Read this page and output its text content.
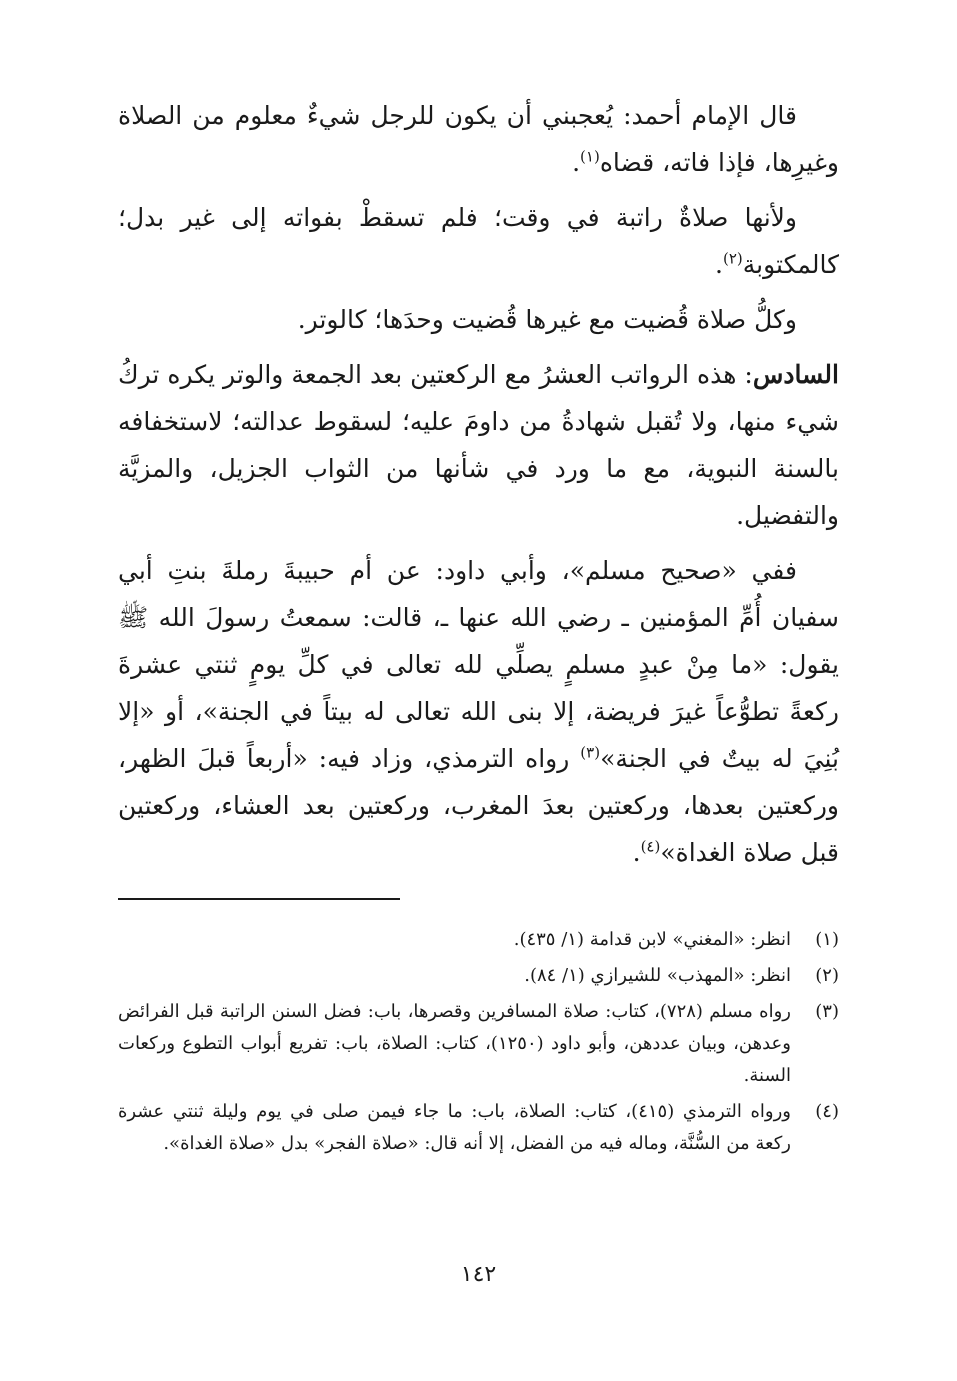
قال الإمام أحمد: يُعجبني أن يكون للرجل شيءٌ معلوم من الصلاة وغيرِها، فإذا فاته، قضاه$^{(١)}$.

ولأنها صلاةٌ راتبة في وقت؛ فلم تسقطْ بفواته إلى غير بدل؛ كالمكتوبة$^{(٢)}$.

وكلُّ صلاة قُضيت مع غيرها قُضيت وحدَها؛ كالوتر.

السادس: هذه الرواتب العشرُ مع الركعتين بعد الجمعة والوتر يكره تركُ شيء منها، ولا تُقبل شهادةُ من داومَ عليه؛ لسقوط عدالته؛ لاستخفافه بالسنة النبوية، مع ما ورد في شأنها من الثواب الجزيل، والمزيَّة والتفضيل.

ففي «صحيح مسلم»، وأبي داود: عن أم حبيبةَ رملةَ بنتِ أبي سفيان أُمِّ المؤمنين ـ رضي الله عنها ـ، قالت: سمعتُ رسولَ الله ﷺ يقول: «ما مِنْ عبدٍ مسلمٍ يصلِّي لله تعالى في كلِّ يومٍ ثنتي عشرةَ ركعةً تطوُّعاً غيرَ فريضة، إلا بنى الله تعالى له بيتاً في الجنة»، أو «إلا بُنِيَ له بيتٌ في الجنة»$^{(٣)}$ رواه الترمذي، وزاد فيه: «أربعاً قبلَ الظهر، وركعتين بعدها، وركعتين بعدَ المغرب، وركعتين بعد العشاء، وركعتين قبل صلاة الغداة»$^{(٤)}$.

(١)
انظر: «المغني» لابن قدامة (١/ ٤٣٥).
(٢)
انظر: «المهذب» للشيرازي (١/ ٨٤).
(٣)
رواه مسلم (٧٢٨)، كتاب: صلاة المسافرين وقصرها، باب: فضل السنن الراتبة قبل الفرائض وعدهن، وبيان عددهن، وأبو داود (١٢٥٠)، كتاب: الصلاة، باب: تفريع أبواب التطوع وركعات السنة.
(٤)
ورواه الترمذي (٤١٥)، كتاب: الصلاة، باب: ما جاء فيمن صلى في يوم وليلة ثنتي عشرة ركعة من السُّنَّة، وماله فيه من الفضل، إلا أنه قال: «صلاة الفجر» بدل «صلاة الغداة».
١٤٢
